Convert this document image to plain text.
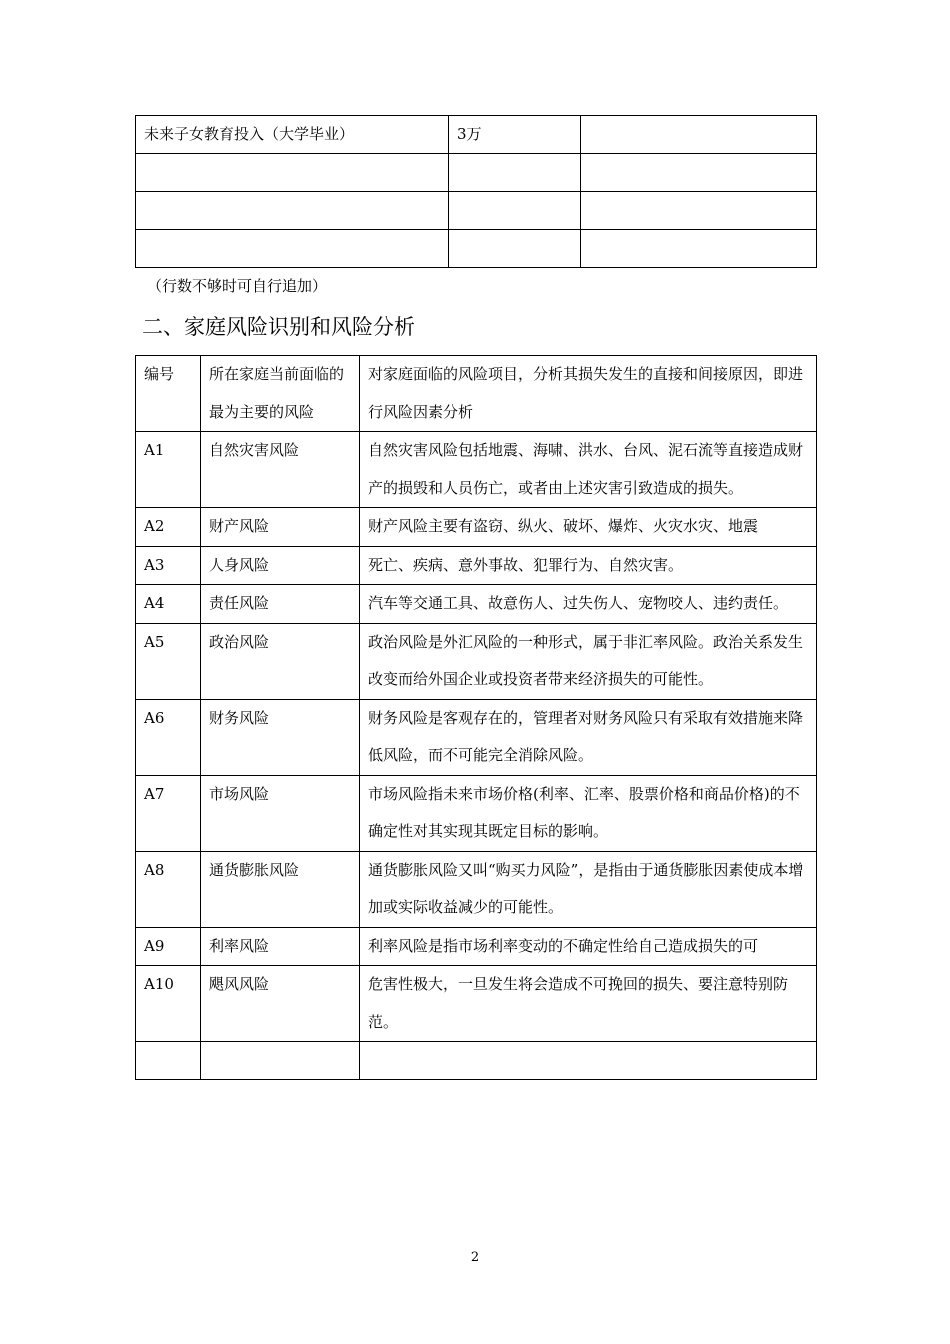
未来子女教育投入（大学毕业）	3万	

（行数不够时可自行追加）
二、家庭风险识别和风险分析
编号	所在家庭当前面临的最为主要的风险	对家庭面临的风险项目，分析其损失发生的直接和间接原因，即进行风险因素分析
A1	自然灾害风险	自然灾害风险包括地震、海啸、洪水、台风、泥石流等直接造成财产的损毁和人员伤亡，或者由上述灾害引致造成的损失。
A2	财产风险	财产风险主要有盗窃、纵火、破坏、爆炸、火灾水灾、地震
A3	人身风险	死亡、疾病、意外事故、犯罪行为、自然灾害。
A4	责任风险	汽车等交通工具、故意伤人、过失伤人、宠物咬人、违约责任。
A5	政治风险	政治风险是外汇风险的一种形式，属于非汇率风险。政治关系发生改变而给外国企业或投资者带来经济损失的可能性。
A6	财务风险	财务风险是客观存在的，管理者对财务风险只有采取有效措施来降低风险，而不可能完全消除风险。
A7	市场风险	市场风险指未来市场价格(利率、汇率、股票价格和商品价格)的不确定性对其实现其既定目标的影响。
A8	通货膨胀风险	通货膨胀风险又叫“购买力风险”，是指由于通货膨胀因素使成本增加或实际收益减少的可能性。
A9	利率风险	利率风险是指市场利率变动的不确定性给自己造成损失的可
A10	飓风风险	危害性极大，一旦发生将会造成不可挽回的损失、要注意特别防范。

2
